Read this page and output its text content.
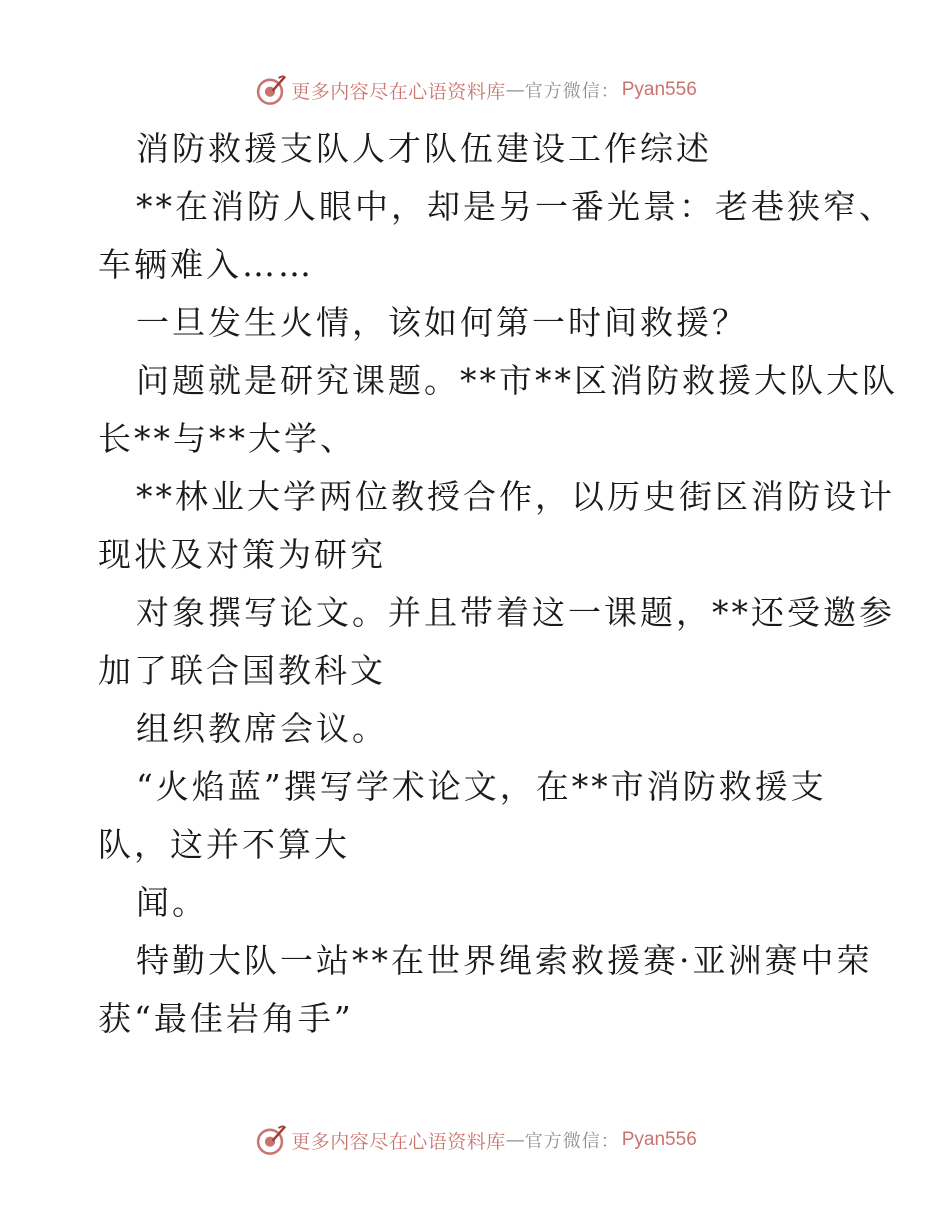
更多内容尽在心语资料库 — 官方微信： Pyan556
消防救援支队人才队伍建设工作综述
**在消防人眼中，却是另一番光景：老巷狭窄、
车辆难入……
一旦发生火情，该如何第一时间救援？
问题就是研究课题。**市**区消防救援大队大队
长**与**大学、
**林业大学两位教授合作，以历史街区消防设计
现状及对策为研究
对象撰写论文。并且带着这一课题，**还受邀参
加了联合国教科文
组织教席会议。
“火焰蓝”撰写学术论文，在**市消防救援支
队，这并不算大
闻。
特勤大队一站**在世界绳索救援赛·亚洲赛中荣
获“最佳岩角手”
更多内容尽在心语资料库 — 官方微信： Pyan556
